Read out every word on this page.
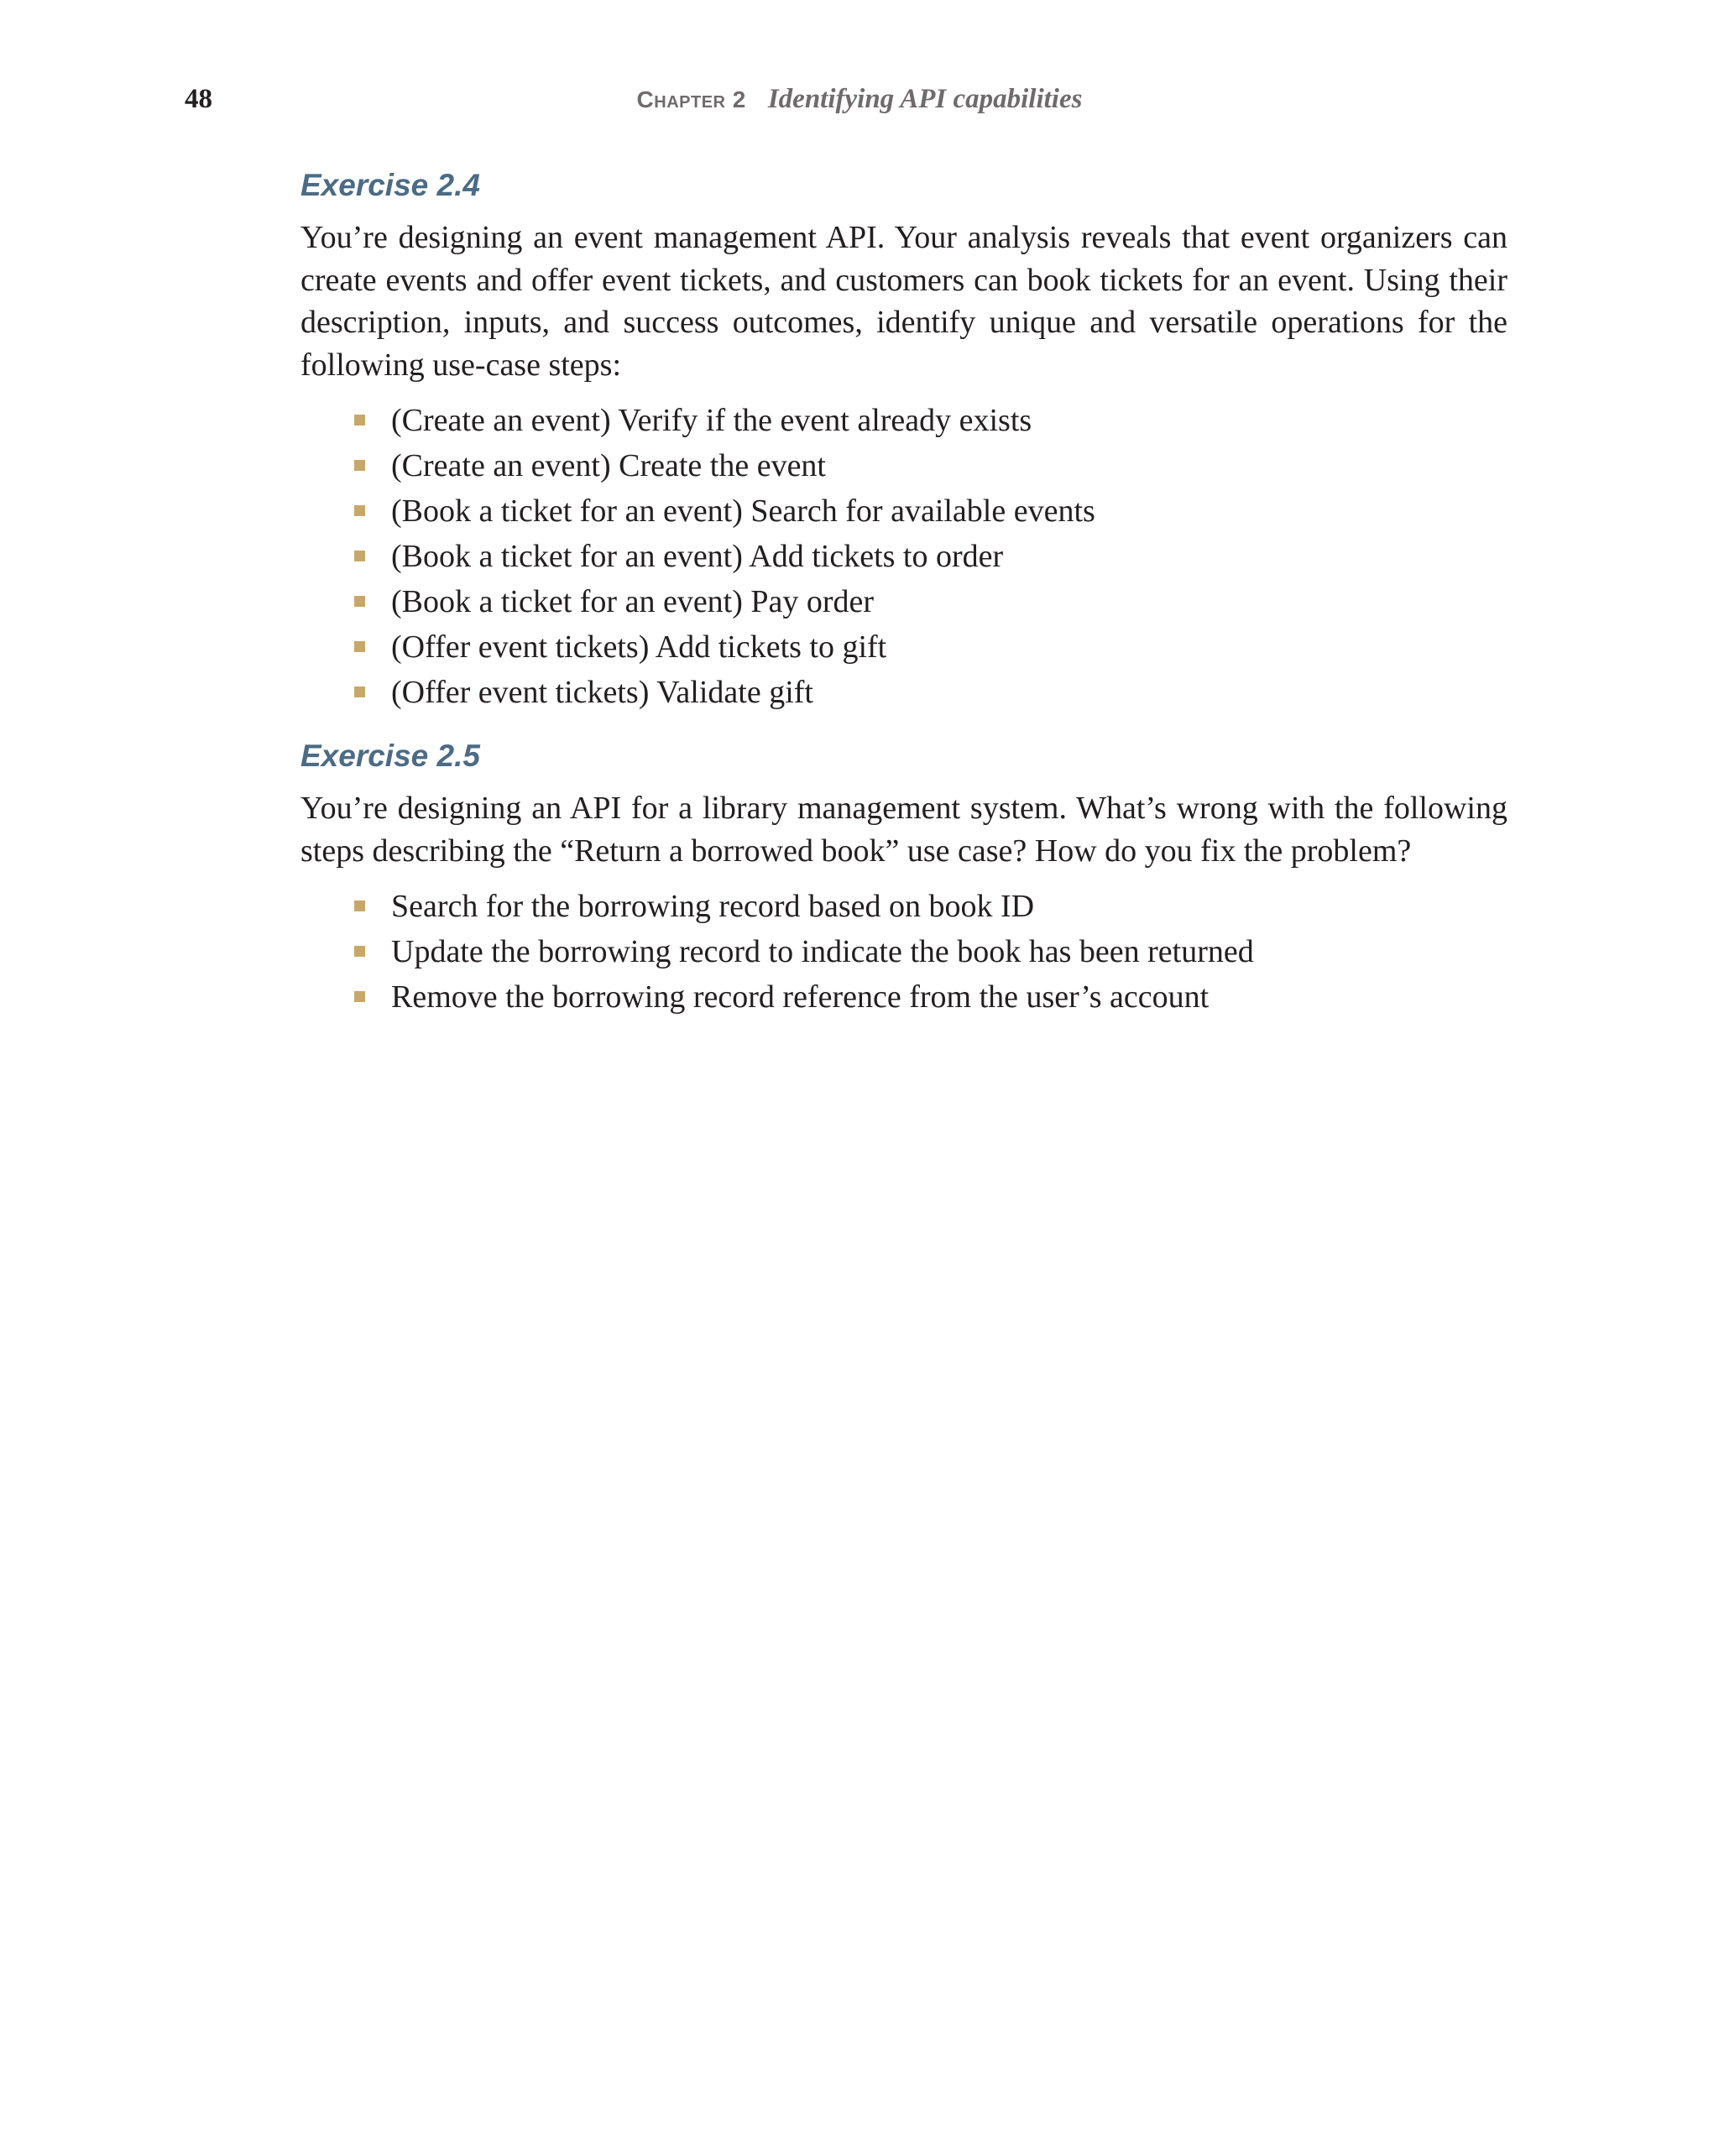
48	Chapter 2 Identifying API capabilities
Exercise 2.4

You’re designing an event management API. Your analysis reveals that event organizers can create events and offer event tickets, and customers can book tickets for an event. Using their description, inputs, and success outcomes, identify unique and versatile operations for the following use-case steps:

(Create an event) Verify if the event already exists
(Create an event) Create the event
(Book a ticket for an event) Search for available events
(Book a ticket for an event) Add tickets to order
(Book a ticket for an event) Pay order
(Offer event tickets) Add tickets to gift
(Offer event tickets) Validate gift
Exercise 2.5

You’re designing an API for a library management system. What’s wrong with the following steps describing the “Return a borrowed book” use case? How do you fix the problem?

Search for the borrowing record based on book ID
Update the borrowing record to indicate the book has been returned
Remove the borrowing record reference from the user’s account
